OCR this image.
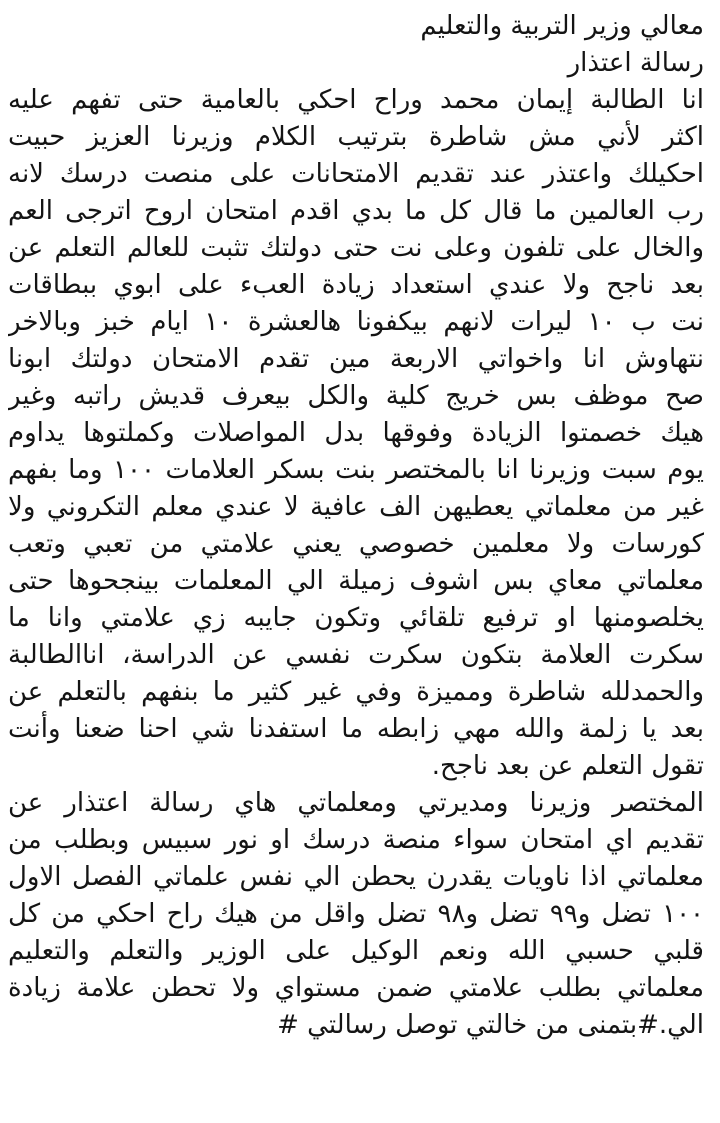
معالي وزير التربية والتعليم
رسالة اعتذار
انا الطالبة إيمان محمد وراح احكي بالعامية حتى تفهم عليه
اكثر لأني مش شاطرة بترتيب الكلام وزيرنا العزيز حبيت
احكيلك واعتذر عند تقديم الامتحانات على منصت درسك لانه
رب العالمين ما قال كل ما بدي اقدم امتحان اروح اترجى العم
والخال على تلفون وعلى نت حتى دولتك تثبت للعالم التعلم عن
بعد ناجح ولا عندي استعداد زيادة العبء على ابوي ببطاقات
نت ب ١٠ ليرات لانهم بيكفونا هالعشرة ١٠ ايام خبز وبالاخر
نتهاوش انا واخواتي الاربعة مين تقدم الامتحان دولتك ابونا
صح موظف بس خريج كلية والكل بيعرف قديش راتبه وغير
هيك خصمتوا الزيادة وفوقها بدل المواصلات وكملتوها يداوم
يوم سبت وزيرنا انا بالمختصر بنت بسكر العلامات ١٠٠ وما بفهم
غير من معلماتي يعطيهن الف عافية لا عندي معلم التكروني ولا
كورسات ولا معلمين خصوصي يعني علامتي من تعبي وتعب
معلماتي معاي بس اشوف زميلة الي المعلمات بينجحوها حتى
يخلصومنها او ترفيع تلقائي وتكون جايبه زي علامتي وانا ما
سكرت العلامة بتكون سكرت نفسي عن الدراسة، اناالطالبة
والحمدلله شاطرة ومميزة وفي غير كثير ما بنفهم بالتعلم عن
بعد يا زلمة والله مهي زابطه ما استفدنا شي احنا ضعنا وأنت
تقول التعلم عن بعد ناجح.
المختصر وزيرنا ومديرتي ومعلماتي هاي رسالة اعتذار عن
تقديم اي امتحان سواء منصة درسك او نور سبيس وبطلب من
معلماتي اذا ناويات يقدرن يحطن الي نفس علماتي الفصل الاول
١٠٠ تضل و٩٩ تضل و٩٨ تضل واقل من هيك راح احكي من كل
قلبي حسبي الله ونعم الوكيل على الوزير والتعلم والتعليم
معلماتي بطلب علامتي ضمن مستواي ولا تحطن علامة زيادة
الي.#بتمنى من خالتي توصل رسالتي #
